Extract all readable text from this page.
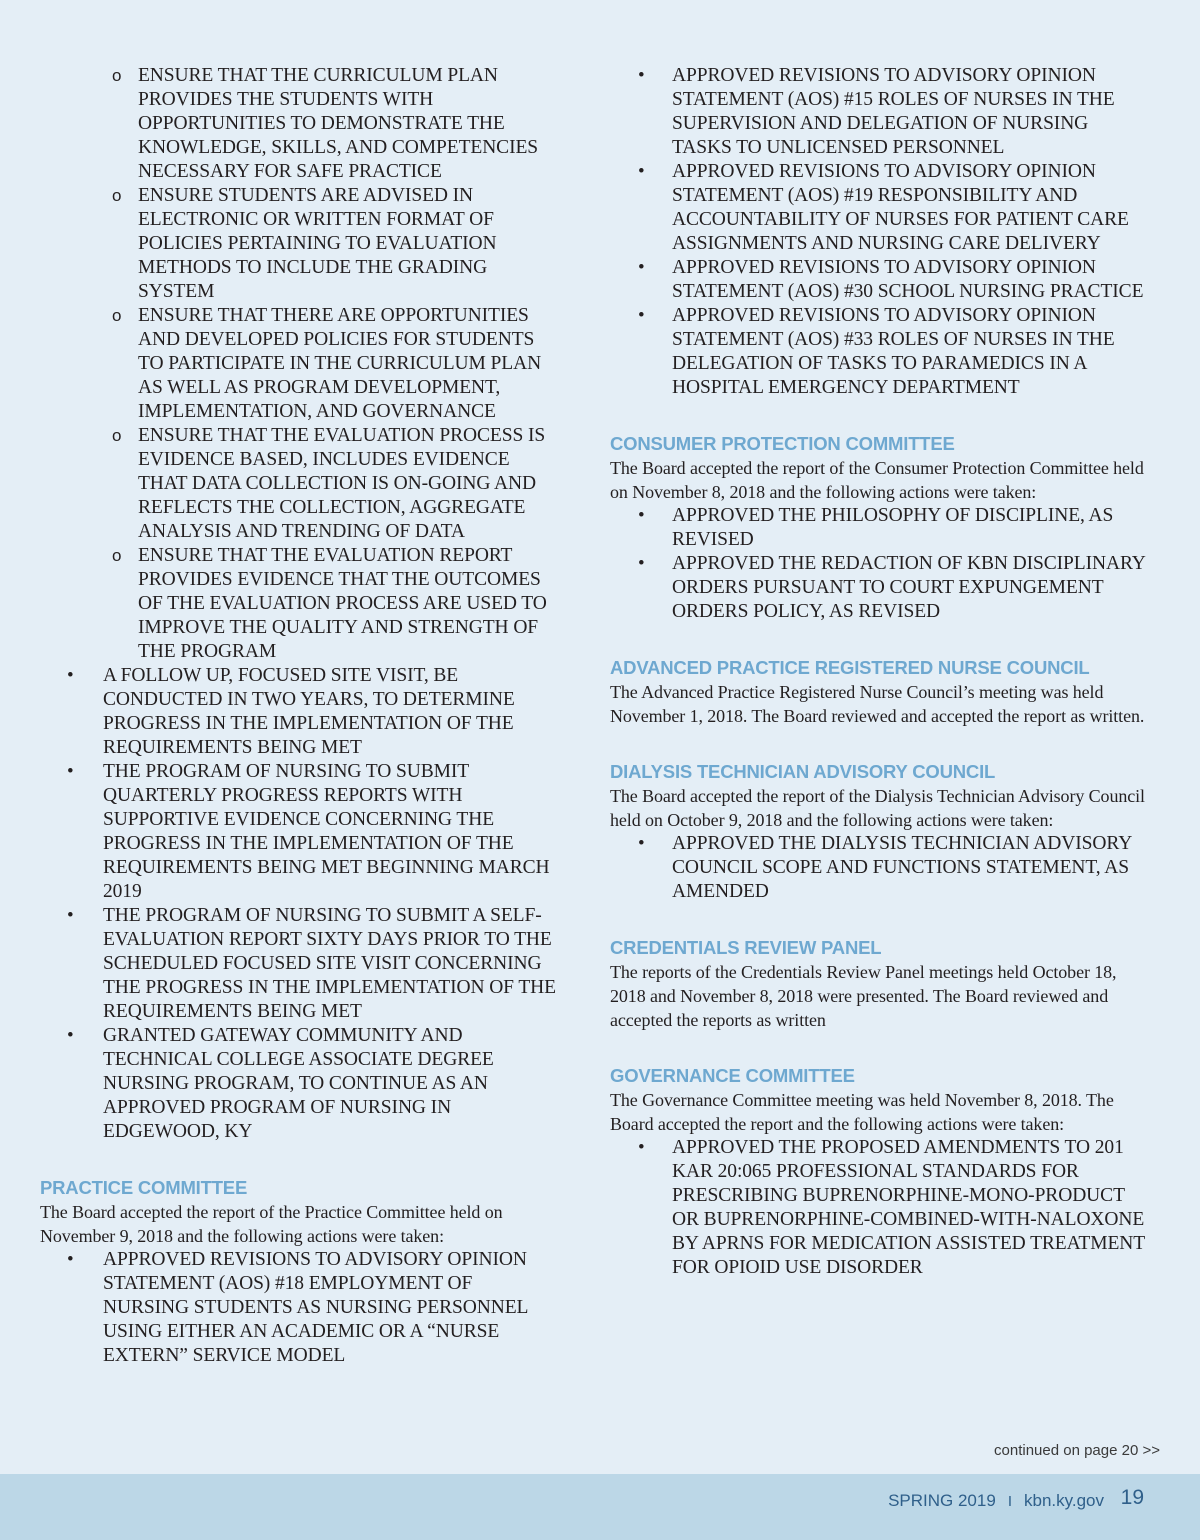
o ENSURE THAT THE CURRICULUM PLAN PROVIDES THE STUDENTS WITH OPPORTUNITIES TO DEMONSTRATE THE KNOWLEDGE, SKILLS, AND COMPETENCIES NECESSARY FOR SAFE PRACTICE
o ENSURE STUDENTS ARE ADVISED IN ELECTRONIC OR WRITTEN FORMAT OF POLICIES PERTAINING TO EVALUATION METHODS TO INCLUDE THE GRADING SYSTEM
o ENSURE THAT THERE ARE OPPORTUNITIES AND DEVELOPED POLICIES FOR STUDENTS TO PARTICIPATE IN THE CURRICULUM PLAN AS WELL AS PROGRAM DEVELOPMENT, IMPLEMENTATION, AND GOVERNANCE
o ENSURE THAT THE EVALUATION PROCESS IS EVIDENCE BASED, INCLUDES EVIDENCE THAT DATA COLLECTION IS ON-GOING AND REFLECTS THE COLLECTION, AGGREGATE ANALYSIS AND TRENDING OF DATA
o ENSURE THAT THE EVALUATION REPORT PROVIDES EVIDENCE THAT THE OUTCOMES OF THE EVALUATION PROCESS ARE USED TO IMPROVE THE QUALITY AND STRENGTH OF THE PROGRAM
• A FOLLOW UP, FOCUSED SITE VISIT, BE CONDUCTED IN TWO YEARS, TO DETERMINE PROGRESS IN THE IMPLEMENTATION OF THE REQUIREMENTS BEING MET
• THE PROGRAM OF NURSING TO SUBMIT QUARTERLY PROGRESS REPORTS WITH SUPPORTIVE EVIDENCE CONCERNING THE PROGRESS IN THE IMPLEMENTATION OF THE REQUIREMENTS BEING MET BEGINNING MARCH 2019
• THE PROGRAM OF NURSING TO SUBMIT A SELF-EVALUATION REPORT SIXTY DAYS PRIOR TO THE SCHEDULED FOCUSED SITE VISIT CONCERNING THE PROGRESS IN THE IMPLEMENTATION OF THE REQUIREMENTS BEING MET
• GRANTED GATEWAY COMMUNITY AND TECHNICAL COLLEGE ASSOCIATE DEGREE NURSING PROGRAM, TO CONTINUE AS AN APPROVED PROGRAM OF NURSING IN EDGEWOOD, KY
PRACTICE COMMITTEE

The Board accepted the report of the Practice Committee held on November 9, 2018 and the following actions were taken:

• APPROVED REVISIONS TO ADVISORY OPINION STATEMENT (AOS) #18 EMPLOYMENT OF NURSING STUDENTS AS NURSING PERSONNEL USING EITHER AN ACADEMIC OR A “NURSE EXTERN” SERVICE MODEL
• APPROVED REVISIONS TO ADVISORY OPINION STATEMENT (AOS) #15 ROLES OF NURSES IN THE SUPERVISION AND DELEGATION OF NURSING TASKS TO UNLICENSED PERSONNEL
• APPROVED REVISIONS TO ADVISORY OPINION STATEMENT (AOS) #19 RESPONSIBILITY AND ACCOUNTABILITY OF NURSES FOR PATIENT CARE ASSIGNMENTS AND NURSING CARE DELIVERY
• APPROVED REVISIONS TO ADVISORY OPINION STATEMENT (AOS) #30 SCHOOL NURSING PRACTICE
• APPROVED REVISIONS TO ADVISORY OPINION STATEMENT (AOS) #33 ROLES OF NURSES IN THE DELEGATION OF TASKS TO PARAMEDICS IN A HOSPITAL EMERGENCY DEPARTMENT
CONSUMER PROTECTION COMMITTEE

The Board accepted the report of the Consumer Protection Committee held on November 8, 2018 and the following actions were taken:

• APPROVED THE PHILOSOPHY OF DISCIPLINE, AS REVISED
• APPROVED THE REDACTION OF KBN DISCIPLINARY ORDERS PURSUANT TO COURT EXPUNGEMENT ORDERS POLICY, AS REVISED
ADVANCED PRACTICE REGISTERED NURSE COUNCIL

The Advanced Practice Registered Nurse Council’s meeting was held November 1, 2018. The Board reviewed and accepted the report as written.

DIALYSIS TECHNICIAN ADVISORY COUNCIL

The Board accepted the report of the Dialysis Technician Advisory Council held on October 9, 2018 and the following actions were taken:

• APPROVED THE DIALYSIS TECHNICIAN ADVISORY COUNCIL SCOPE AND FUNCTIONS STATEMENT, AS AMENDED
CREDENTIALS REVIEW PANEL

The reports of the Credentials Review Panel meetings held October 18, 2018 and November 8, 2018 were presented. The Board reviewed and accepted the reports as written

GOVERNANCE COMMITTEE

The Governance Committee meeting was held November 8, 2018. The Board accepted the report and the following actions were taken:

• APPROVED THE PROPOSED AMENDMENTS TO 201 KAR 20:065 PROFESSIONAL STANDARDS FOR PRESCRIBING BUPRENORPHINE-MONO-PRODUCT OR BUPRENORPHINE-COMBINED-WITH-NALOXONE BY APRNS FOR MEDICATION ASSISTED TREATMENT FOR OPIOID USE DISORDER
continued on page 20 >>
SPRING 2019 I kbn.ky.gov 19
